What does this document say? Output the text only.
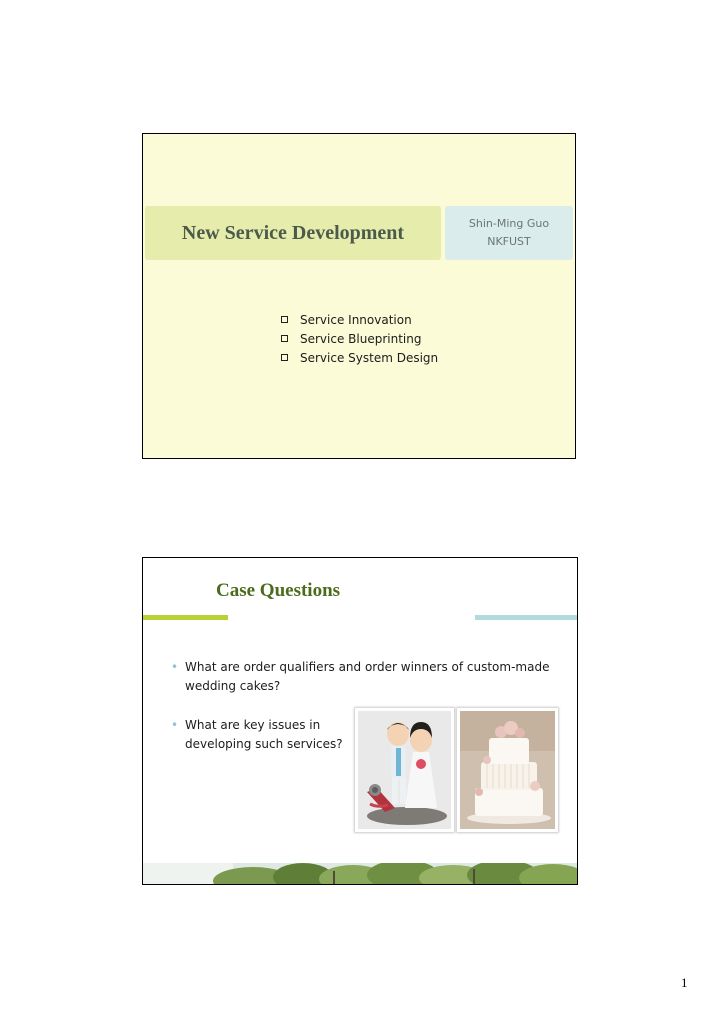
New Service Development	Shin-Ming Guo
NKFUST
Service Innovation
Service Blueprinting
Service System Design
Case Questions
• What are order qualifiers and order winners of custom-made wedding cakes?
• What are key issues in developing such services?
1
